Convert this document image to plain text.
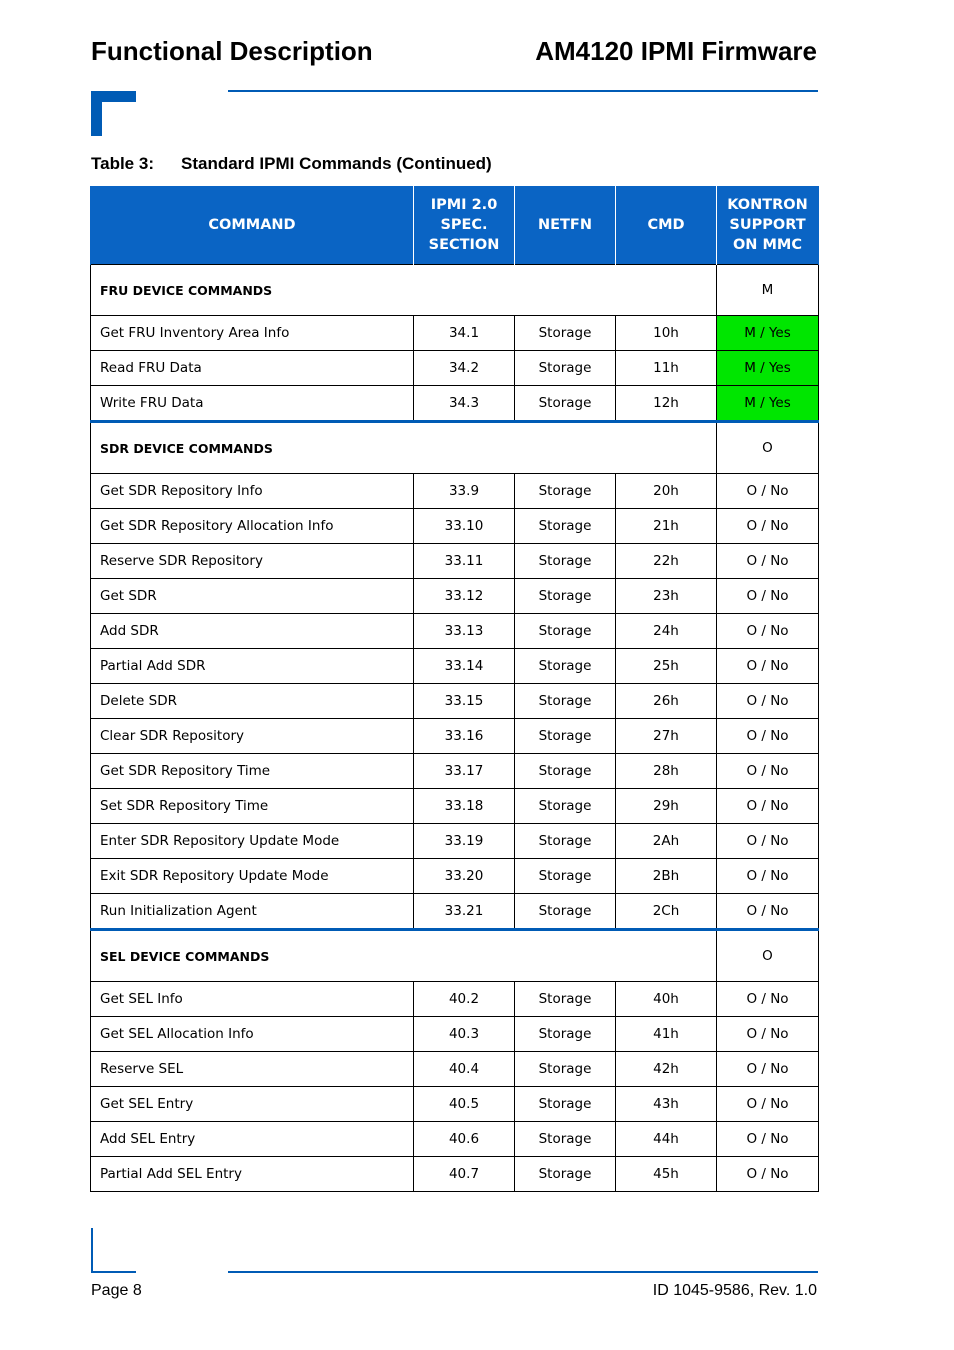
Functional Description	AM4120 IPMI Firmware
Table 3: Standard IPMI Commands (Continued)
COMMAND	IPMI 2.0 SPEC. SECTION	NETFN	CMD	KONTRON SUPPORT ON MMC
FRU DEVICE COMMANDS				M
Get FRU Inventory Area Info	34.1	Storage	10h	M / Yes
Read FRU Data	34.2	Storage	11h	M / Yes
Write FRU Data	34.3	Storage	12h	M / Yes
SDR DEVICE COMMANDS				O
Get SDR Repository Info	33.9	Storage	20h	O / No
Get SDR Repository Allocation Info	33.10	Storage	21h	O / No
Reserve SDR Repository	33.11	Storage	22h	O / No
Get SDR	33.12	Storage	23h	O / No
Add SDR	33.13	Storage	24h	O / No
Partial Add SDR	33.14	Storage	25h	O / No
Delete SDR	33.15	Storage	26h	O / No
Clear SDR Repository	33.16	Storage	27h	O / No
Get SDR Repository Time	33.17	Storage	28h	O / No
Set SDR Repository Time	33.18	Storage	29h	O / No
Enter SDR Repository Update Mode	33.19	Storage	2Ah	O / No
Exit SDR Repository Update Mode	33.20	Storage	2Bh	O / No
Run Initialization Agent	33.21	Storage	2Ch	O / No
SEL DEVICE COMMANDS				O
Get SEL Info	40.2	Storage	40h	O / No
Get SEL Allocation Info	40.3	Storage	41h	O / No
Reserve SEL	40.4	Storage	42h	O / No
Get SEL Entry	40.5	Storage	43h	O / No
Add SEL Entry	40.6	Storage	44h	O / No
Partial Add SEL Entry	40.7	Storage	45h	O / No
Page 8	ID 1045-9586, Rev. 1.0
